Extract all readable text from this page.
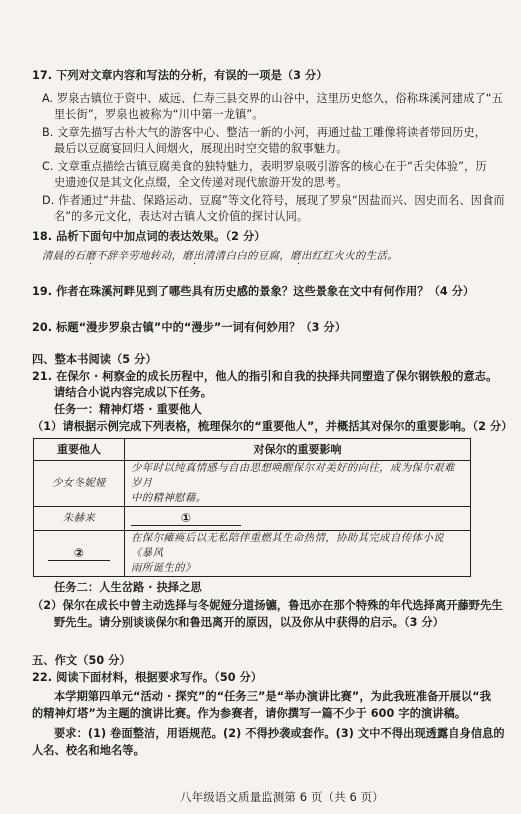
17. 下列对文章内容和写法的分析，有误的一项是（3 分）
A. 罗泉古镇位于资中、威远、仁寿三县交界的山谷中，这里历史悠久，俗称珠溪河建成了“五
里长街”，罗泉也被称为“川中第一龙镇”。
B. 文章先描写古朴大气的游客中心、整洁一新的小河，再通过盐工雕像将读者带回历史，
最后以豆腐宴回归人间烟火，展现出时空交错的叙事魅力。
C. 文章重点描绘古镇豆腐美食的独特魅力，表明罗泉吸引游客的核心在于“舌尖体验”，历
史遗迹仅是其文化点缀，全文传递对现代旅游开发的思考。
D. 作者通过“井盐、保路运动、豆腐”等文化符号，展现了罗泉“因盐而兴、因史而名、因食而
名”的多元文化，表达对古镇人文价值的探讨认同。
18. 品析下面句中加点词的表达效果。（2 分）
清晨的石磨不辞辛劳地转动，磨出清清白白的豆腐，磨出红红火火的生活。
·	·	·
19. 作者在珠溪河畔见到了哪些具有历史感的景象？这些景象在文中有何作用？（4 分）
20. 标题“漫步罗泉古镇”中的“漫步”一词有何妙用？（3 分）
四、整本书阅读（5 分）
21. 在保尔 · 柯察金的成长历程中，他人的指引和自我的抉择共同塑造了保尔钢铁般的意志。
请结合小说内容完成以下任务。
任务一：精神灯塔 · 重要他人
（1）请根据示例完成下列表格，梳理保尔的“重要他人”，并概括其对保尔的重要影响。（2 分）
重要他人	对保尔的重要影响
少女冬妮娅	少年时以纯真情感与自由思想唤醒保尔对美好的向往，成为保尔艰难岁月
中的精神慰藉。

朱赫来	①
②	在保尔瘫痪后以无私陪伴重燃其生命热情，协助其完成自传体小说《暴风
雨所诞生的》
任务二：人生岔路 · 抉择之思
（2）保尔在成长中曾主动选择与冬妮娅分道扬镳，鲁迅亦在那个特殊的年代选择离开藤野先生
野先生。请分别谈谈保尔和鲁迅离开的原因，以及你从中获得的启示。（3 分）
五、作文（50 分）
22. 阅读下面材料，根据要求写作。（50 分）
本学期第四单元“活动 · 探究”的“任务三”是“举办演讲比赛”，为此我班准备开展以“我
的精神灯塔”为主题的演讲比赛。作为参赛者，请你撰写一篇不少于 600 字的演讲稿。
要求：(1) 卷面整洁，用语规范。(2) 不得抄袭或套作。(3) 文中不得出现透露自身信息的
人名、校名和地名等。
八年级语文质量监测第 6 页（共 6 页）
